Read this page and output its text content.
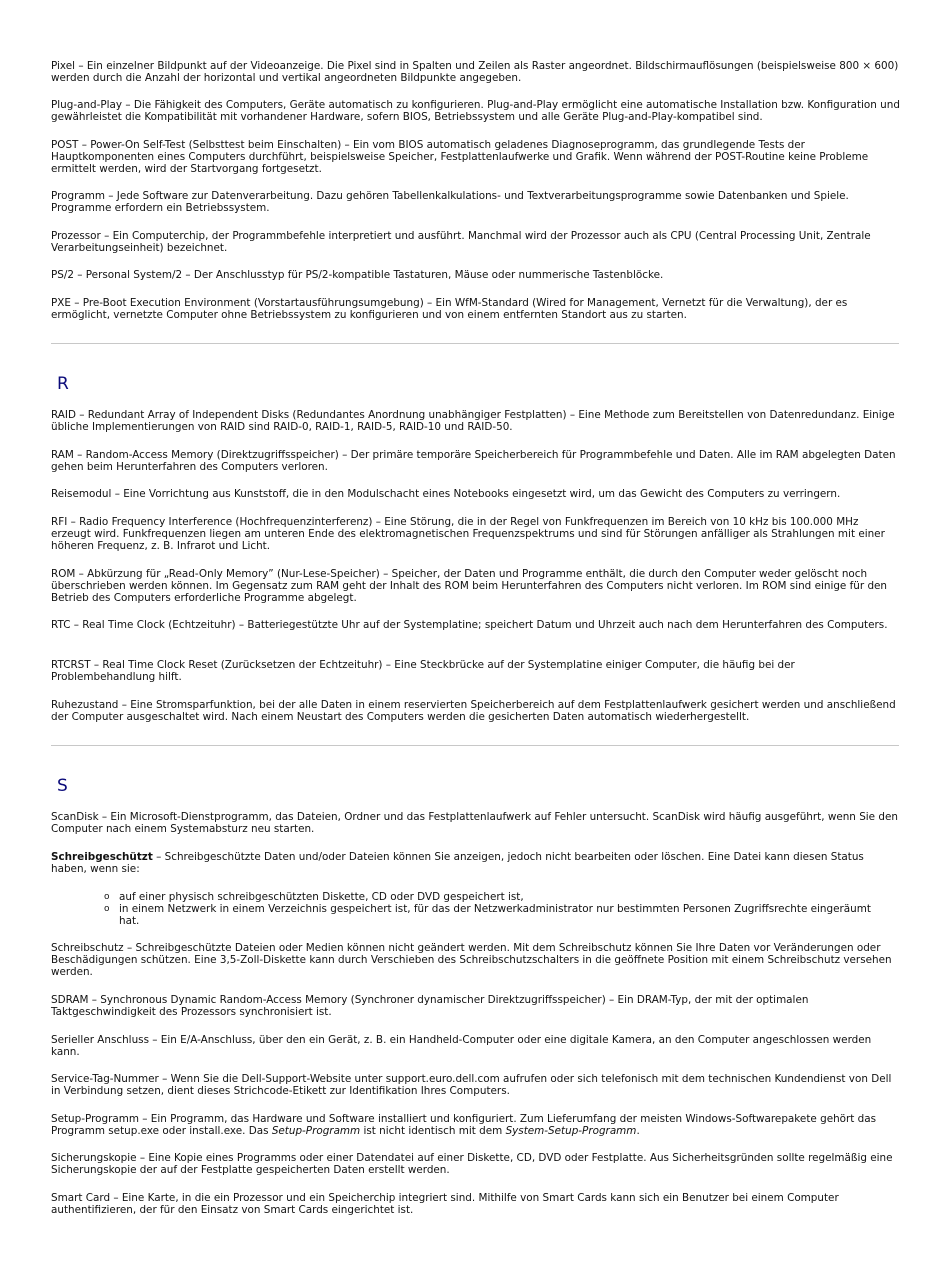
Pixel – Ein einzelner Bildpunkt auf der Videoanzeige. Die Pixel sind in Spalten und Zeilen als Raster angeordnet. Bildschirmauflösungen (beispielsweise 800 × 600) werden durch die Anzahl der horizontal und vertikal angeordneten Bildpunkte angegeben.

Plug-and-Play – Die Fähigkeit des Computers, Geräte automatisch zu konfigurieren. Plug-and-Play ermöglicht eine automatische Installation bzw. Konfiguration und gewährleistet die Kompatibilität mit vorhandener Hardware, sofern BIOS, Betriebssystem und alle Geräte Plug-and-Play-kompatibel sind.

POST – Power-On Self-Test (Selbsttest beim Einschalten) – Ein vom BIOS automatisch geladenes Diagnoseprogramm, das grundlegende Tests der Hauptkomponenten eines Computers durchführt, beispielsweise Speicher, Festplattenlaufwerke und Grafik. Wenn während der POST-Routine keine Probleme ermittelt werden, wird der Startvorgang fortgesetzt.

Programm – Jede Software zur Datenverarbeitung. Dazu gehören Tabellenkalkulations- und Textverarbeitungsprogramme sowie Datenbanken und Spiele. Programme erfordern ein Betriebssystem.

Prozessor – Ein Computerchip, der Programmbefehle interpretiert und ausführt. Manchmal wird der Prozessor auch als CPU (Central Processing Unit, Zentrale Verarbeitungseinheit) bezeichnet.

PS/2 – Personal System/2 – Der Anschlusstyp für PS/2-kompatible Tastaturen, Mäuse oder nummerische Tastenblöcke.

PXE – Pre-Boot Execution Environment (Vorstartausführungsumgebung) – Ein WfM-Standard (Wired for Management, Vernetzt für die Verwaltung), der es ermöglicht, vernetzte Computer ohne Betriebssystem zu konfigurieren und von einem entfernten Standort aus zu starten.

R

RAID – Redundant Array of Independent Disks (Redundantes Anordnung unabhängiger Festplatten) – Eine Methode zum Bereitstellen von Datenredundanz. Einige übliche Implementierungen von RAID sind RAID-0, RAID-1, RAID-5, RAID-10 und RAID-50.

RAM – Random-Access Memory (Direktzugriffsspeicher) – Der primäre temporäre Speicherbereich für Programmbefehle und Daten. Alle im RAM abgelegten Daten gehen beim Herunterfahren des Computers verloren.

Reisemodul – Eine Vorrichtung aus Kunststoff, die in den Modulschacht eines Notebooks eingesetzt wird, um das Gewicht des Computers zu verringern.

RFI – Radio Frequency Interference (Hochfrequenzinterferenz) – Eine Störung, die in der Regel von Funkfrequenzen im Bereich von 10 kHz bis 100.000 MHz erzeugt wird. Funkfrequenzen liegen am unteren Ende des elektromagnetischen Frequenzspektrums und sind für Störungen anfälliger als Strahlungen mit einer höheren Frequenz, z. B. Infrarot und Licht.

ROM – Abkürzung für „Read-Only Memory” (Nur-Lese-Speicher) – Speicher, der Daten und Programme enthält, die durch den Computer weder gelöscht noch überschrieben werden können. Im Gegensatz zum RAM geht der Inhalt des ROM beim Herunterfahren des Computers nicht verloren. Im ROM sind einige für den Betrieb des Computers erforderliche Programme abgelegt.

RTC – Real Time Clock (Echtzeituhr) – Batteriegestützte Uhr auf der Systemplatine; speichert Datum und Uhrzeit auch nach dem Herunterfahren des Computers.

RTCRST – Real Time Clock Reset (Zurücksetzen der Echtzeituhr) – Eine Steckbrücke auf der Systemplatine einiger Computer, die häufig bei der Problembehandlung hilft.

Ruhezustand – Eine Stromsparfunktion, bei der alle Daten in einem reservierten Speicherbereich auf dem Festplattenlaufwerk gesichert werden und anschließend der Computer ausgeschaltet wird. Nach einem Neustart des Computers werden die gesicherten Daten automatisch wiederhergestellt.

S

ScanDisk – Ein Microsoft-Dienstprogramm, das Dateien, Ordner und das Festplattenlaufwerk auf Fehler untersucht. ScanDisk wird häufig ausgeführt, wenn Sie den Computer nach einem Systemabsturz neu starten.

Schreibgeschützt – Schreibgeschützte Daten und/oder Dateien können Sie anzeigen, jedoch nicht bearbeiten oder löschen. Eine Datei kann diesen Status haben, wenn sie:

o auf einer physisch schreibgeschützten Diskette, CD oder DVD gespeichert ist,
o in einem Netzwerk in einem Verzeichnis gespeichert ist, für das der Netzwerkadministrator nur bestimmten Personen Zugriffsrechte eingeräumt hat.

Schreibschutz – Schreibgeschützte Dateien oder Medien können nicht geändert werden. Mit dem Schreibschutz können Sie Ihre Daten vor Veränderungen oder Beschädigungen schützen. Eine 3,5-Zoll-Diskette kann durch Verschieben des Schreibschutzschalters in die geöffnete Position mit einem Schreibschutz versehen werden.

SDRAM – Synchronous Dynamic Random-Access Memory (Synchroner dynamischer Direktzugriffsspeicher) – Ein DRAM-Typ, der mit der optimalen Taktgeschwindigkeit des Prozessors synchronisiert ist.

Serieller Anschluss – Ein E/A-Anschluss, über den ein Gerät, z. B. ein Handheld-Computer oder eine digitale Kamera, an den Computer angeschlossen werden kann.

Service-Tag-Nummer – Wenn Sie die Dell-Support-Website unter support.euro.dell.com aufrufen oder sich telefonisch mit dem technischen Kundendienst von Dell in Verbindung setzen, dient dieses Strichcode-Etikett zur Identifikation Ihres Computers.

Setup-Programm – Ein Programm, das Hardware und Software installiert und konfiguriert. Zum Lieferumfang der meisten Windows-Softwarepakete gehört das Programm setup.exe oder install.exe. Das Setup-Programm ist nicht identisch mit dem System-Setup-Programm.

Sicherungskopie – Eine Kopie eines Programms oder einer Datendatei auf einer Diskette, CD, DVD oder Festplatte. Aus Sicherheitsgründen sollte regelmäßig eine Sicherungskopie der auf der Festplatte gespeicherten Daten erstellt werden.

Smart Card – Eine Karte, in die ein Prozessor und ein Speicherchip integriert sind. Mithilfe von Smart Cards kann sich ein Benutzer bei einem Computer authentifizieren, der für den Einsatz von Smart Cards eingerichtet ist.
